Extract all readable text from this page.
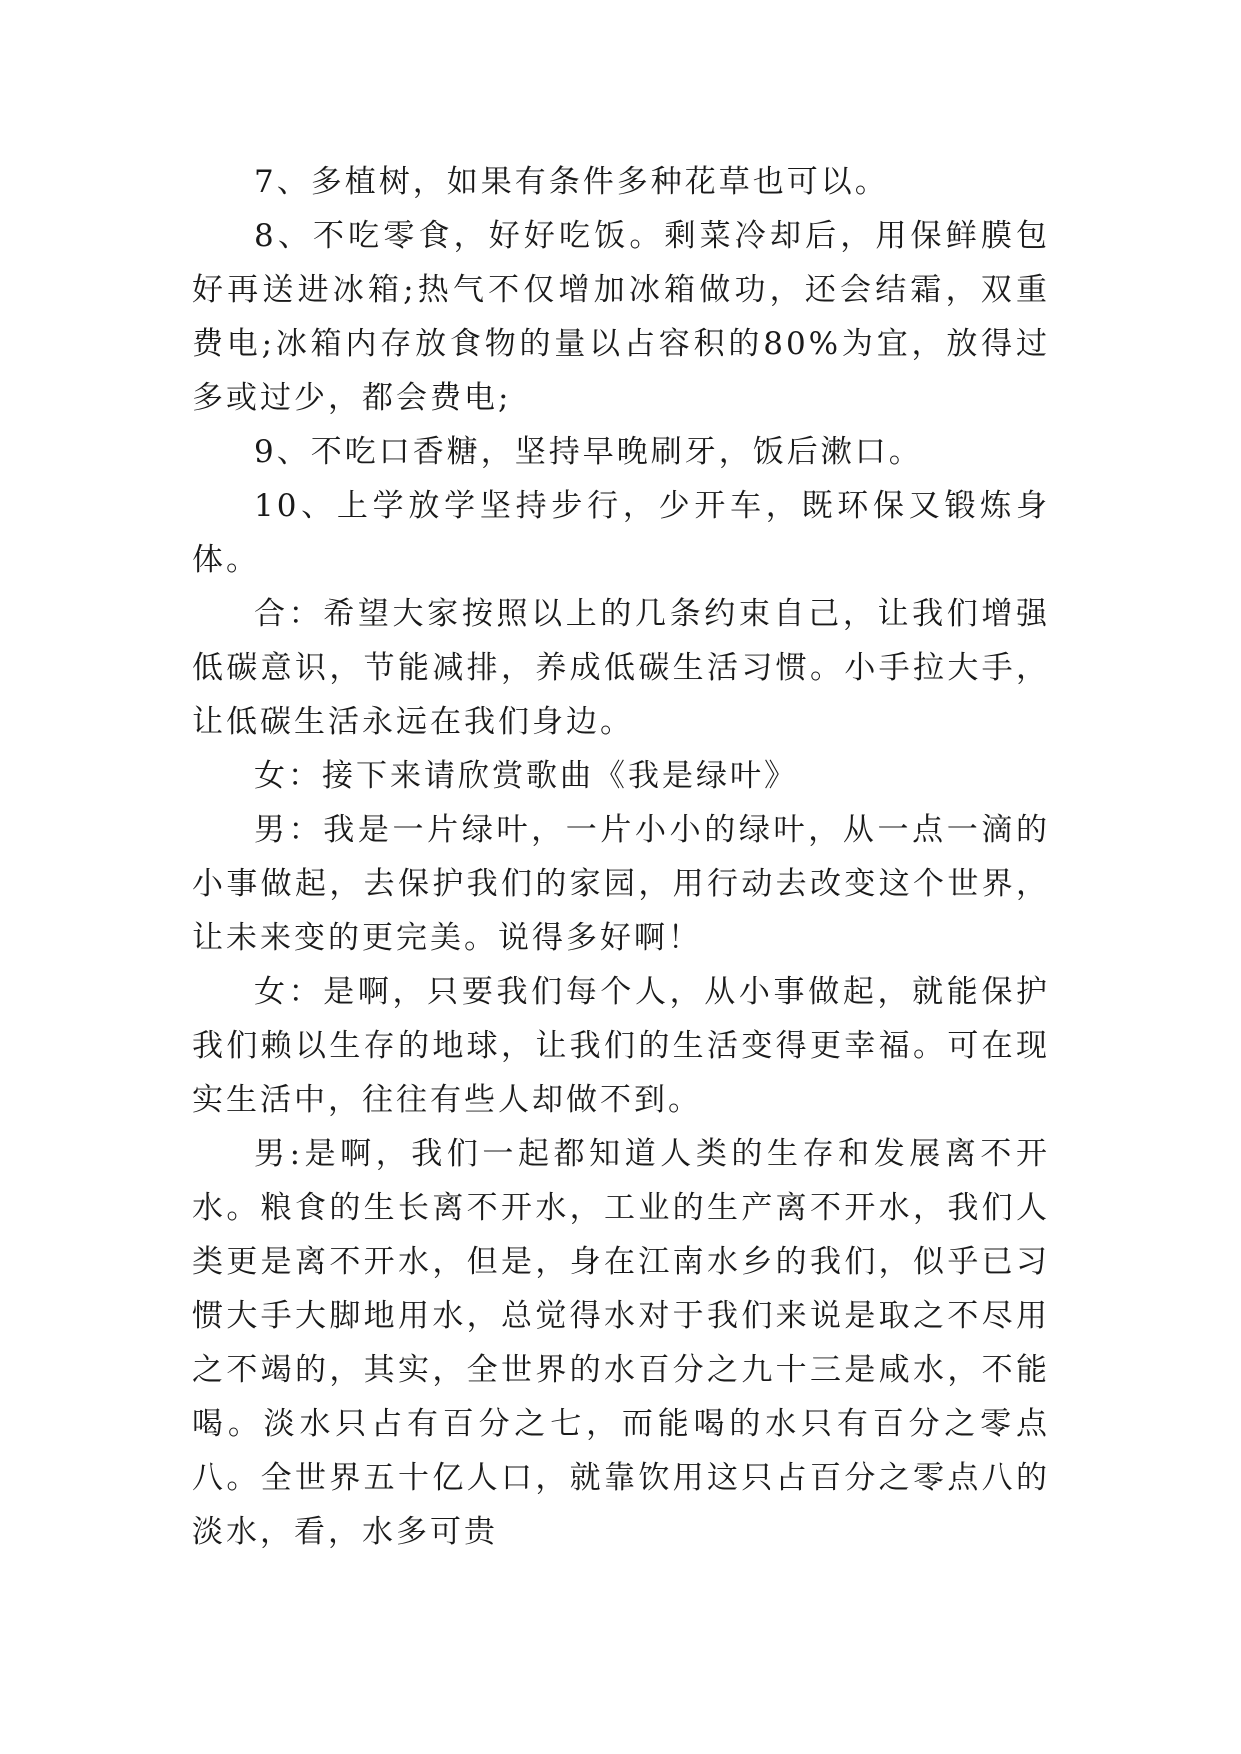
7、多植树，如果有条件多种花草也可以。

8、不吃零食，好好吃饭。剩菜冷却后，用保鲜膜包好再送进冰箱;热气不仅增加冰箱做功，还会结霜，双重费电;冰箱内存放食物的量以占容积的80%为宜，放得过多或过少，都会费电;

9、不吃口香糖，坚持早晚刷牙，饭后漱口。

10、上学放学坚持步行，少开车，既环保又锻炼身体。

合：希望大家按照以上的几条约束自己，让我们增强低碳意识，节能减排，养成低碳生活习惯。小手拉大手，让低碳生活永远在我们身边。

女：接下来请欣赏歌曲《我是绿叶》

男：我是一片绿叶，一片小小的绿叶，从一点一滴的小事做起，去保护我们的家园，用行动去改变这个世界，让未来变的更完美。说得多好啊！

女：是啊，只要我们每个人，从小事做起，就能保护我们赖以生存的地球，让我们的生活变得更幸福。可在现实生活中，往往有些人却做不到。

男:是啊，我们一起都知道人类的生存和发展离不开水。粮食的生长离不开水，工业的生产离不开水，我们人类更是离不开水，但是，身在江南水乡的我们，似乎已习惯大手大脚地用水，总觉得水对于我们来说是取之不尽用之不竭的，其实，全世界的水百分之九十三是咸水，不能喝。淡水只占有百分之七，而能喝的水只有百分之零点八。全世界五十亿人口，就靠饮用这只占百分之零点八的淡水，看，水多可贵
